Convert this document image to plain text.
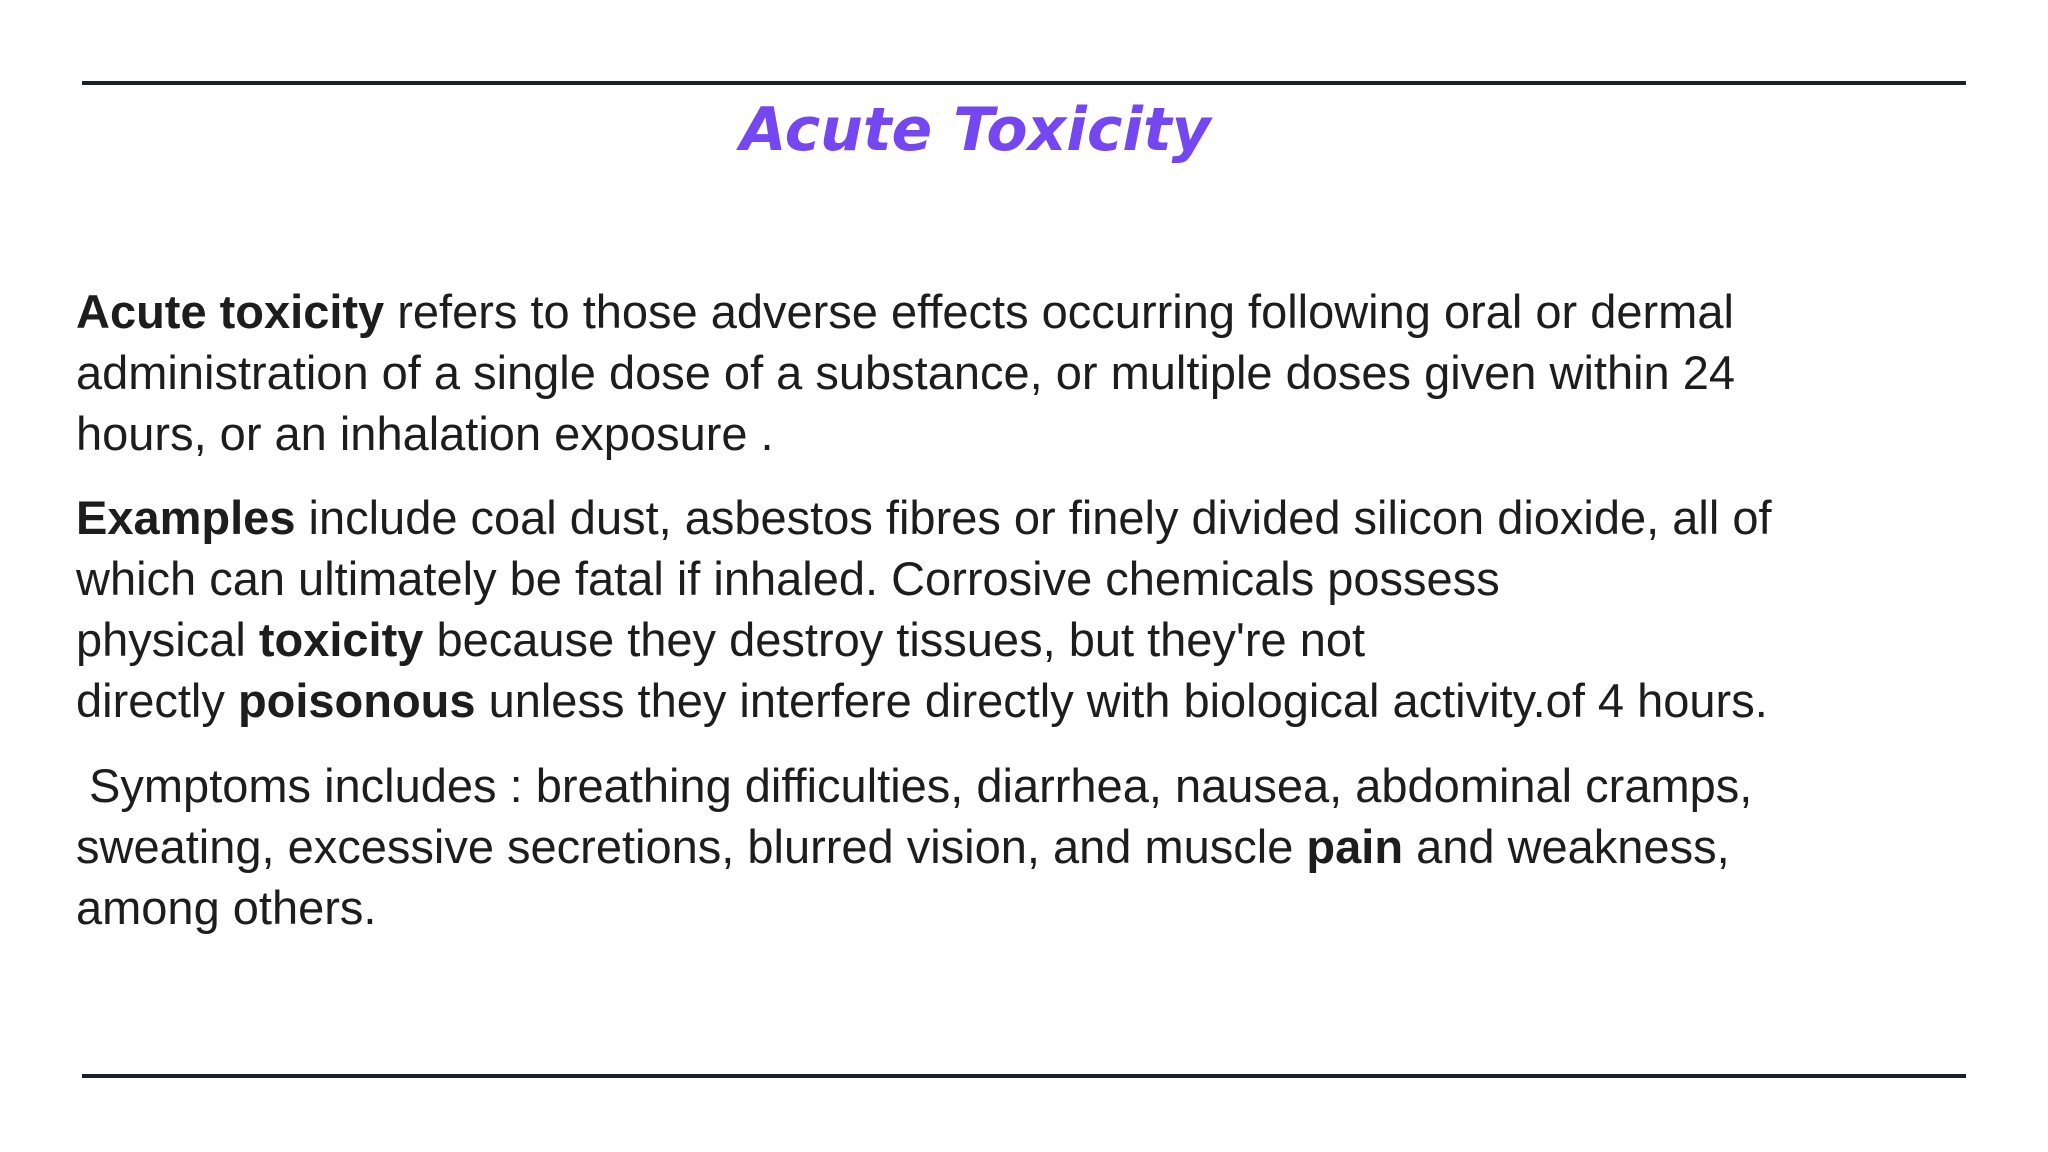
Acute Toxicity

Acute toxicity refers to those adverse effects occurring following oral or dermal
administration of a single dose of a substance, or multiple doses given within 24
hours, or an inhalation exposure .

Examples include coal dust, asbestos fibres or finely divided silicon dioxide, all of
which can ultimately be fatal if inhaled. Corrosive chemicals possess
physical toxicity because they destroy tissues, but they're not
directly poisonous unless they interfere directly with biological activity.of 4 hours.

Symptoms includes : breathing difficulties, diarrhea, nausea, abdominal cramps,
sweating, excessive secretions, blurred vision, and muscle pain and weakness,
among others.
